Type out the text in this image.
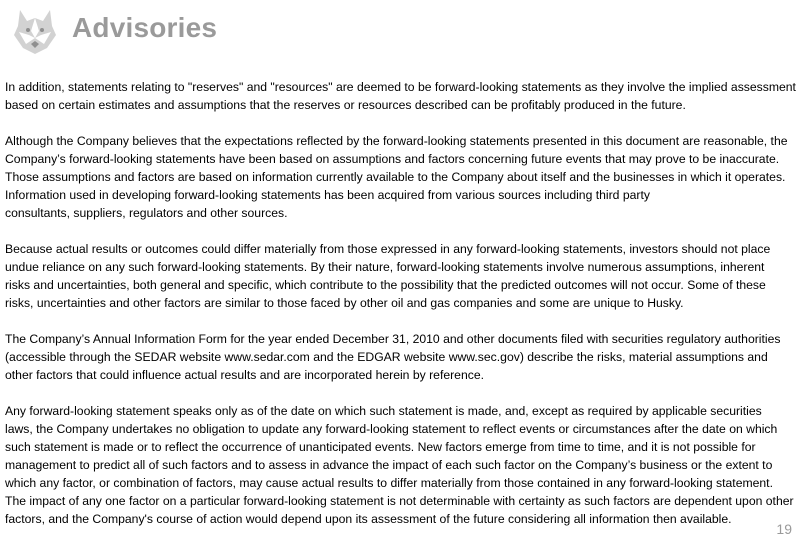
Advisories

In addition, statements relating to "reserves" and "resources" are deemed to be forward-looking statements as they involve the implied assessment
based on certain estimates and assumptions that the reserves or resources described can be profitably produced in the future.

Although the Company believes that the expectations reflected by the forward-looking statements presented in this document are reasonable, the
Company’s forward-looking statements have been based on assumptions and factors concerning future events that may prove to be inaccurate.
Those assumptions and factors are based on information currently available to the Company about itself and the businesses in which it operates.
Information used in developing forward-looking statements has been acquired from various sources including third party
consultants, suppliers, regulators and other sources.

Because actual results or outcomes could differ materially from those expressed in any forward-looking statements, investors should not place
undue reliance on any such forward-looking statements. By their nature, forward-looking statements involve numerous assumptions, inherent
risks and uncertainties, both general and specific, which contribute to the possibility that the predicted outcomes will not occur. Some of these
risks, uncertainties and other factors are similar to those faced by other oil and gas companies and some are unique to Husky.

The Company’s Annual Information Form for the year ended December 31, 2010 and other documents filed with securities regulatory authorities
(accessible through the SEDAR website www.sedar.com and the EDGAR website www.sec.gov) describe the risks, material assumptions and
other factors that could influence actual results and are incorporated herein by reference.

Any forward-looking statement speaks only as of the date on which such statement is made, and, except as required by applicable securities
laws, the Company undertakes no obligation to update any forward-looking statement to reflect events or circumstances after the date on which
such statement is made or to reflect the occurrence of unanticipated events. New factors emerge from time to time, and it is not possible for
management to predict all of such factors and to assess in advance the impact of each such factor on the Company’s business or the extent to
which any factor, or combination of factors, may cause actual results to differ materially from those contained in any forward-looking statement.
The impact of any one factor on a particular forward-looking statement is not determinable with certainty as such factors are dependent upon other
factors, and the Company's course of action would depend upon its assessment of the future considering all information then available.

19
